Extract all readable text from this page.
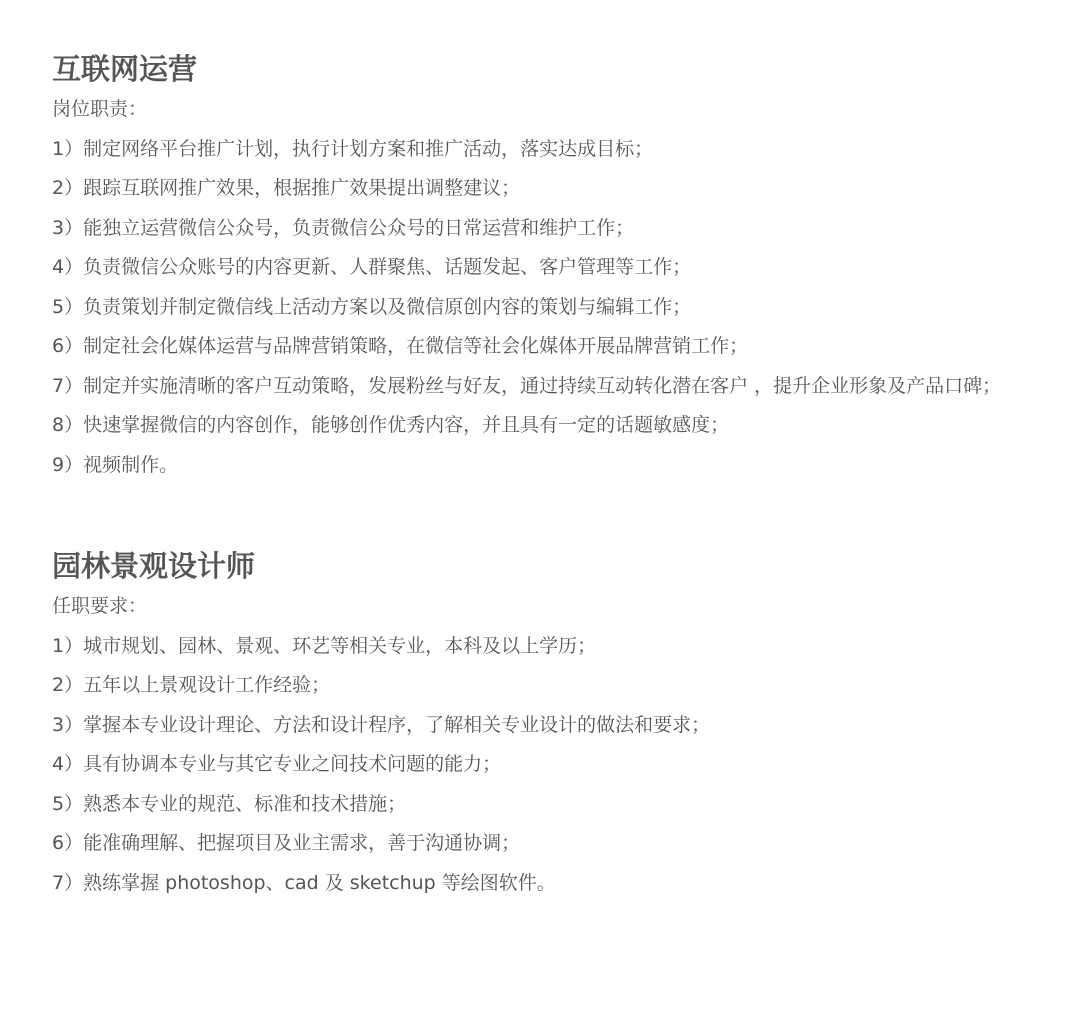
互联网运营
岗位职责：
1）制定网络平台推广计划，执行计划方案和推广活动，落实达成目标；
2）跟踪互联网推广效果，根据推广效果提出调整建议；
3）能独立运营微信公众号，负责微信公众号的日常运营和维护工作；
4）负责微信公众账号的内容更新、人群聚焦、话题发起、客户管理等工作；
5）负责策划并制定微信线上活动方案以及微信原创内容的策划与编辑工作；
6）制定社会化媒体运营与品牌营销策略，在微信等社会化媒体开展品牌营销工作；
7）制定并实施清晰的客户互动策略，发展粉丝与好友，通过持续互动转化潜在客户 ，提升企业形象及产品口碑；
8）快速掌握微信的内容创作，能够创作优秀内容，并且具有一定的话题敏感度；
9）视频制作。
园林景观设计师
任职要求：
1）城市规划、园林、景观、环艺等相关专业，本科及以上学历；
2）五年以上景观设计工作经验；
3）掌握本专业设计理论、方法和设计程序，了解相关专业设计的做法和要求；
4）具有协调本专业与其它专业之间技术问题的能力；
5）熟悉本专业的规范、标准和技术措施；
6）能准确理解、把握项目及业主需求，善于沟通协调；
7）熟练掌握 photoshop、cad 及 sketchup 等绘图软件。
